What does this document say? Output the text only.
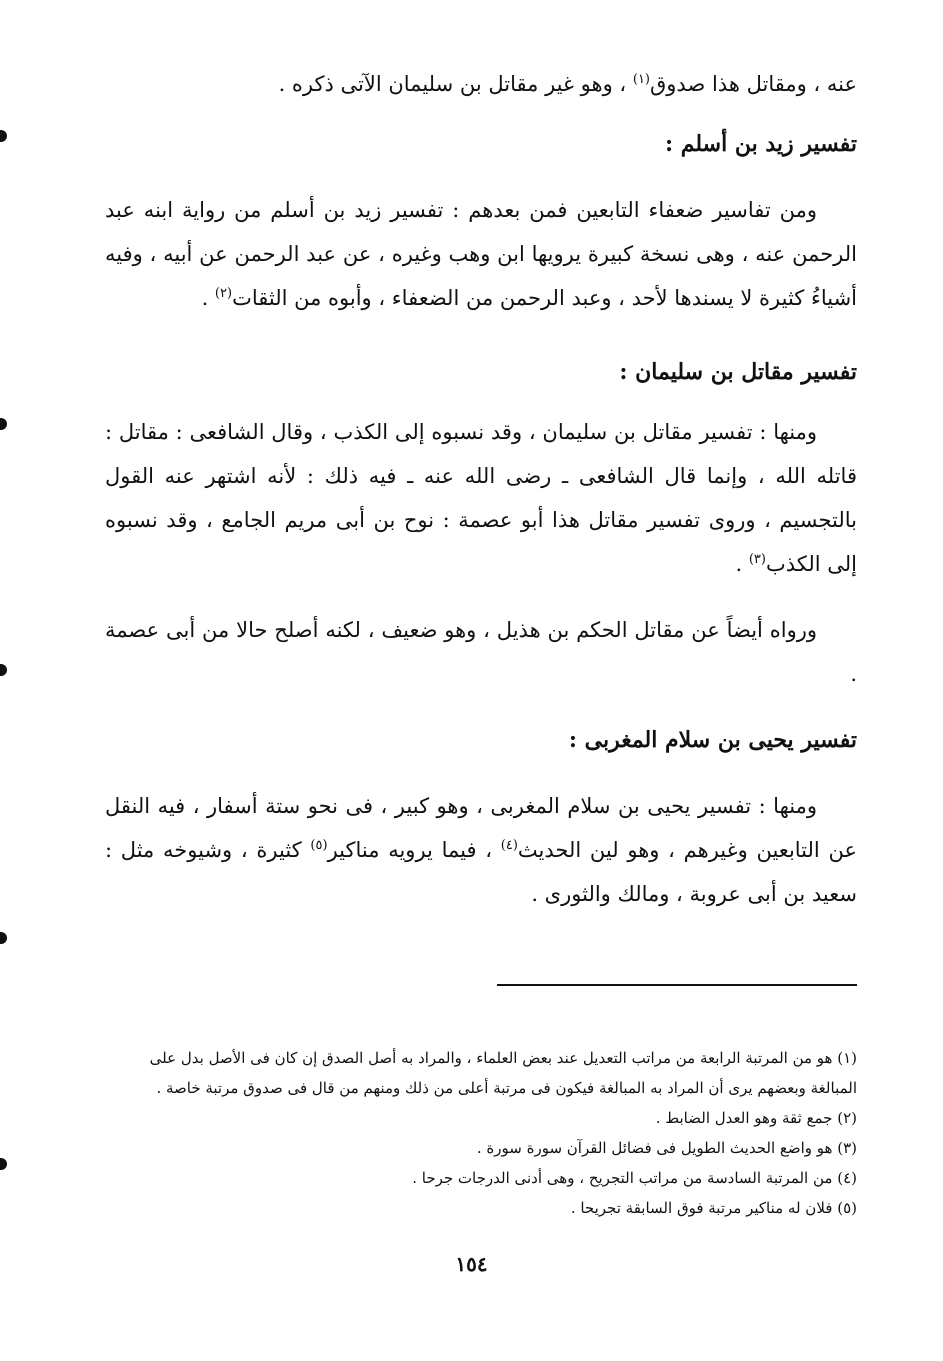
عنه ، ومقاتل هذا صدوق$^{(١)}$ ، وهو غير مقاتل بن سليمان الآتى ذكره .

تفسير زيد بن أسلم :

ومن تفاسير ضعفاء التابعين فمن بعدهم : تفسير زيد بن أسلم من رواية ابنه عبد الرحمن عنه ، وهى نسخة كبيرة يرويها ابن وهب وغيره ، عن عبد الرحمن عن أبيه ، وفيه أشياءُ كثيرة لا يسندها لأحد ، وعبد الرحمن من الضعفاء ، وأبوه من الثقات$^{(٢)}$ .

تفسير مقاتل بن سليمان :

ومنها : تفسير مقاتل بن سليمان ، وقد نسبوه إلى الكذب ، وقال الشافعى : مقاتل : قاتله الله ، وإنما قال الشافعى ـ رضى الله عنه ـ فيه ذلك : لأنه اشتهر عنه القول بالتجسيم ، وروى تفسير مقاتل هذا أبو عصمة : نوح بن أبى مريم الجامع ، وقد نسبوه إلى الكذب$^{(٣)}$ .

ورواه أيضاً عن مقاتل الحكم بن هذيل ، وهو ضعيف ، لكنه أصلح حالا من أبى عصمة .

تفسير يحيى بن سلام المغربى :

ومنها : تفسير يحيى بن سلام المغربى ، وهو كبير ، فى نحو ستة أسفار ، فيه النقل عن التابعين وغيرهم ، وهو لين الحديث$^{(٤)}$ ، فيما يرويه مناكير$^{(٥)}$ كثيرة ، وشيوخه مثل : سعيد بن أبى عروبة ، ومالك والثورى .

(١) هو من المرتبة الرابعة من مراتب التعديل عند بعض العلماء ، والمراد به أصل الصدق إن كان فى الأصل بدل على المبالغة وبعضهم يرى أن المراد به المبالغة فيكون فى مرتبة أعلى من ذلك ومنهم من قال فى صدوق مرتبة خاصة .

(٢) جمع ثقة وهو العدل الضابط .

(٣) هو واضع الحديث الطويل فى فضائل القرآن سورة سورة .

(٤) من المرتبة السادسة من مراتب التجريح ، وهى أدنى الدرجات جرحا .

(٥) فلان له مناكير مرتبة فوق السابقة تجريحا .

١٥٤
